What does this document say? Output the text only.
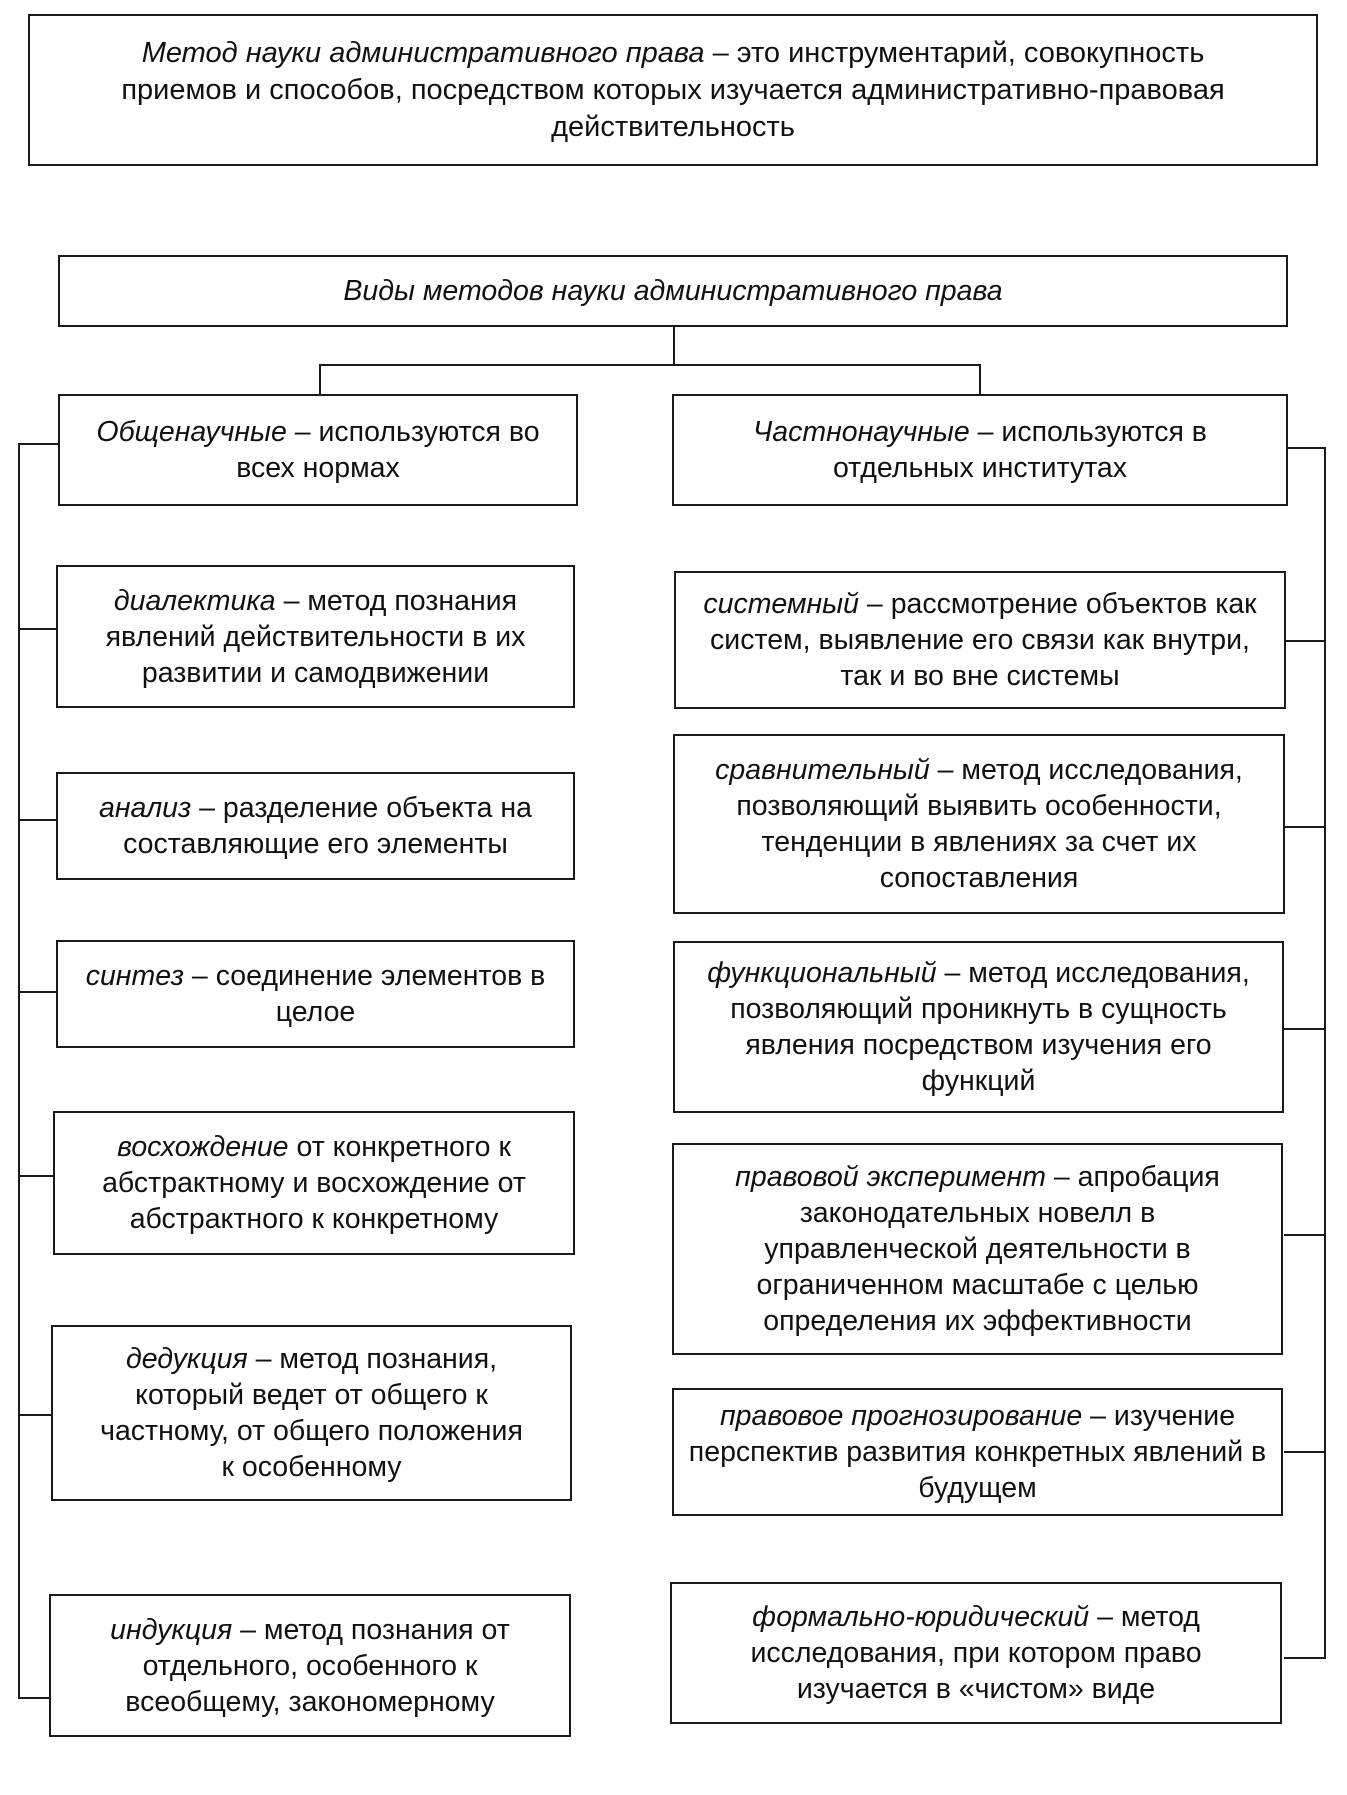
Метод науки административного права – это инструментарий, совокупность приемов и способов, посредством которых изучается административно-правовая действительность
Виды методов науки административного права
Общенаучные – используются во всех нормах
Частнонаучные – используются в отдельных институтах
диалектика – метод познания явлений действительности в их развитии и самодвижении
анализ – разделение объекта на составляющие его элементы
синтез – соединение элементов в целое
восхождение от конкретного к абстрактному и восхождение от абстрактного к конкретному
дедукция – метод познания, который ведет от общего к частному, от общего положения к особенному
индукция – метод познания от отдельного, особенного к всеобщему, закономерному
системный – рассмотрение объектов как систем, выявление его связи как внутри, так и во вне системы
сравнительный – метод исследования, позволяющий выявить особенности, тенденции в явлениях за счет их сопоставления
функциональный – метод исследования, позволяющий проникнуть в сущность явления посредством изучения его функций
правовой эксперимент – апробация законодательных новелл в управленческой деятельности в ограниченном масштабе с целью определения их эффективности
правовое прогнозирование – изучение перспектив развития конкретных явлений в будущем
формально-юридический – метод исследования, при котором право изучается в «чистом» виде
